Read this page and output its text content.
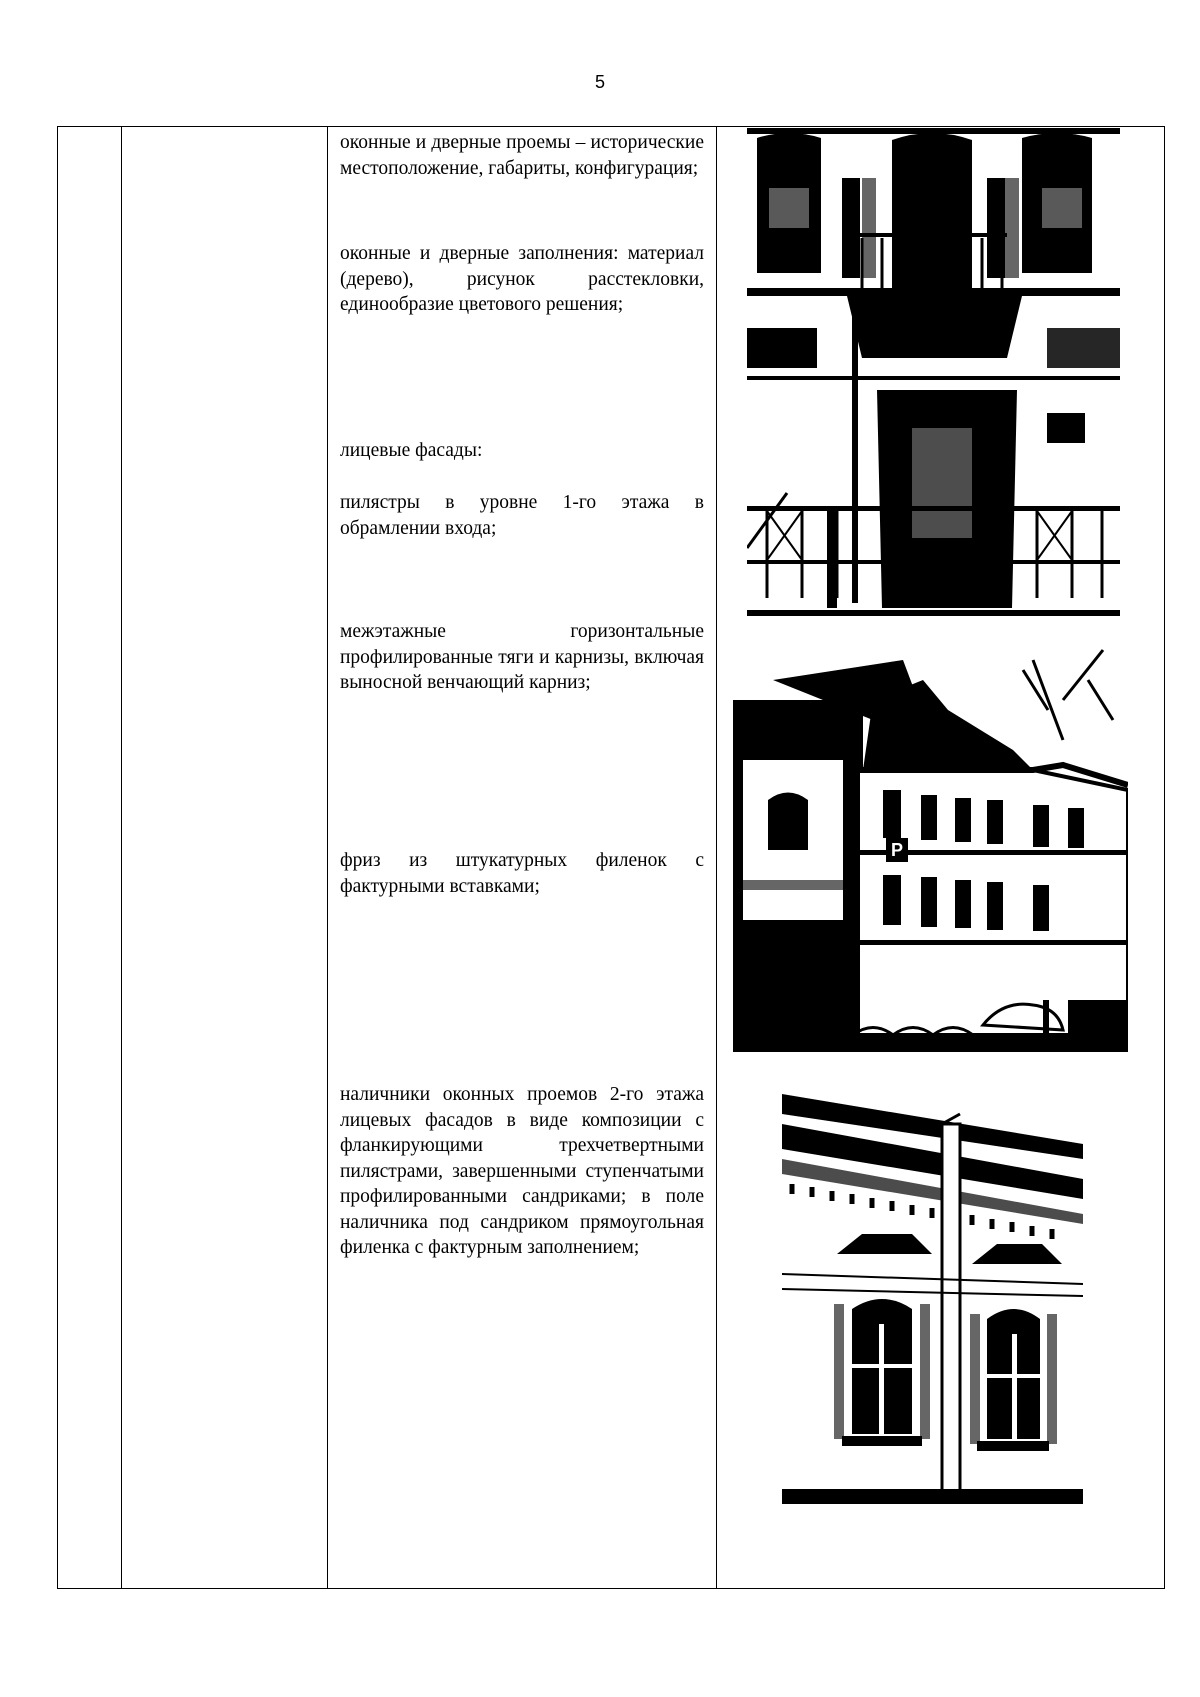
5

оконные и дверные проемы – исторические местоположение, габариты, конфигурация;

оконные и дверные заполнения: материал (дерево), рисунок расстекловки, единообразие цветового решения;

лицевые фасады:

пилястры в уровне 1-го этажа в обрамлении входа;

межэтажные горизонтальные профилированные тяги и карнизы, включая выносной венчающий карниз;

фриз из штукатурных филенок с фактурными вставками;

наличники оконных проемов 2-го этажа лицевых фасадов в виде композиции с фланкирующими трехчетвертными пилястрами, завершенными ступенчатыми профилированными сандриками; в поле наличника под сандриком прямоугольная филенка с фактурным заполнением;

Р
